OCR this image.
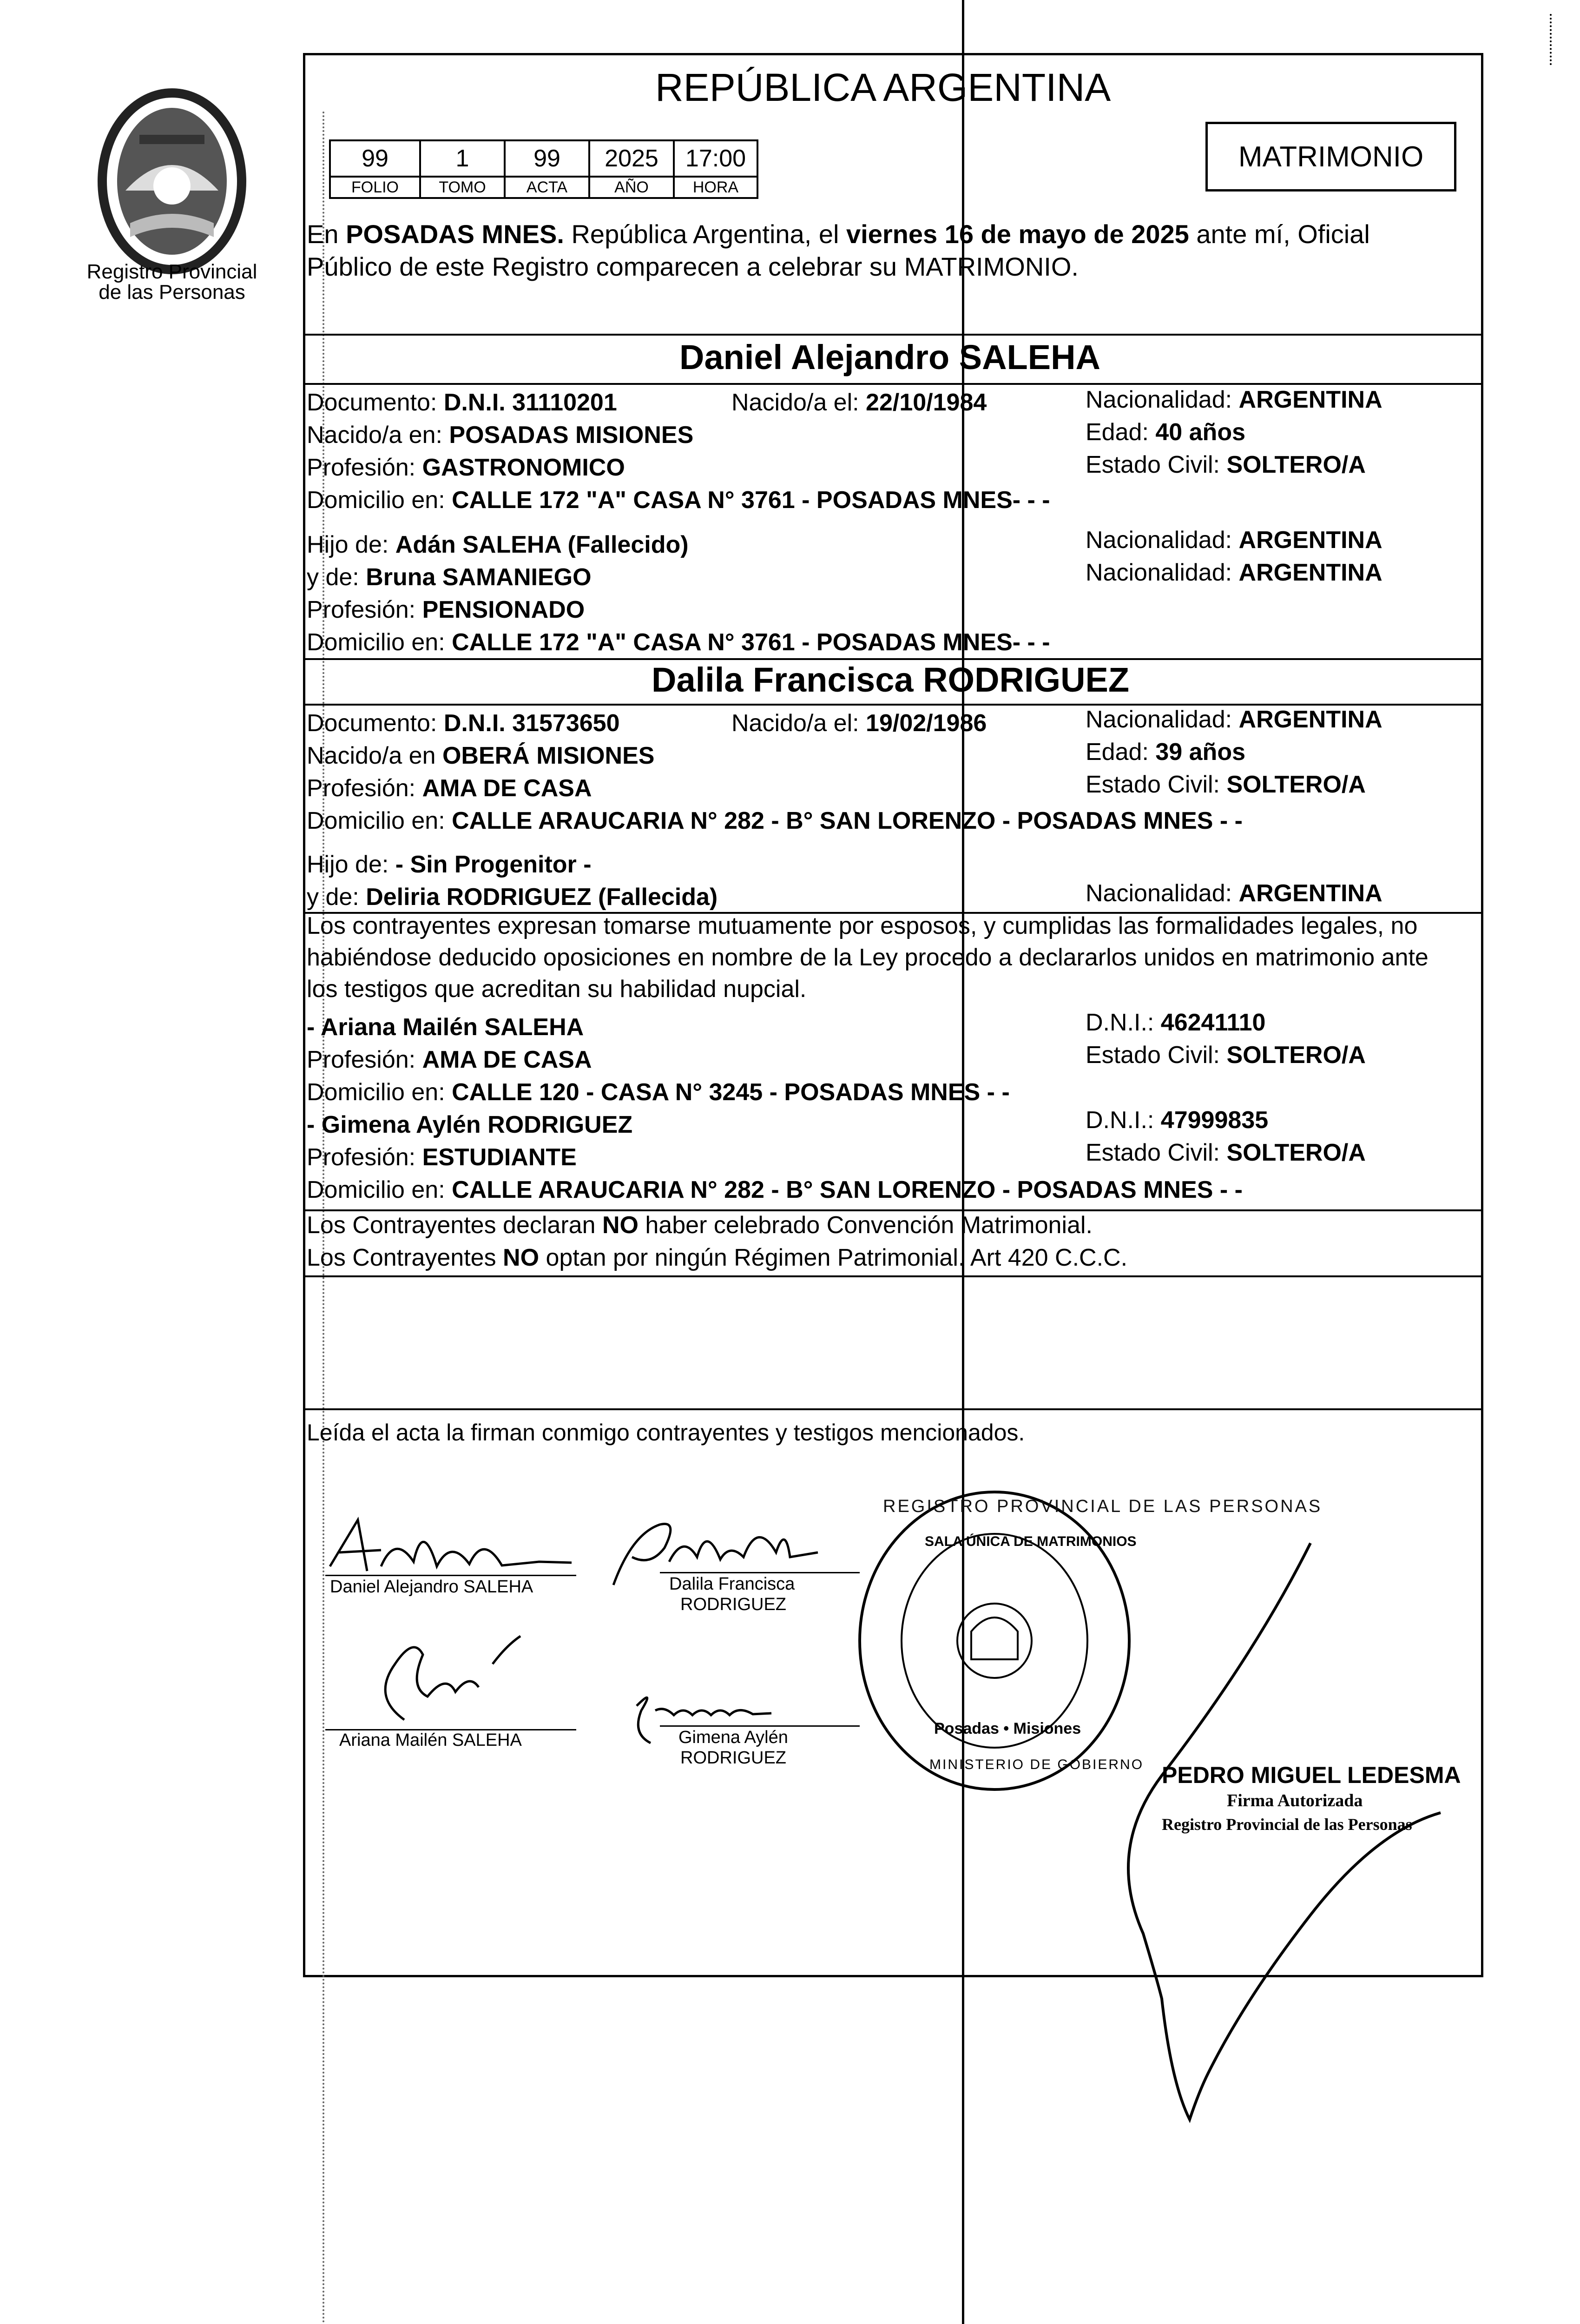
Registro Provincial
de las Personas
REPÚBLICA ARGENTINA
99	1	99	2025	17:00
FOLIO	TOMO	ACTA	AÑO	HORA
MATRIMONIO
En POSADAS MNES. República Argentina, el viernes 16 de mayo de 2025 ante mí, Oficial
Público de este Registro comparecen a celebrar su MATRIMONIO.
Daniel Alejandro SALEHA
Documento: D.N.I. 31110201	Nacido/a el: 22/10/1984	Nacionalidad: ARGENTINA
Nacido/a en: POSADAS MISIONES	Edad: 40 años
Profesión: GASTRONOMICO	Estado Civil: SOLTERO/A
Domicilio en: CALLE 172 "A" CASA N° 3761 - POSADAS MNES- - -
Hijo de: Adán SALEHA (Fallecido)	Nacionalidad: ARGENTINA
y de: Bruna SAMANIEGO	Nacionalidad: ARGENTINA
Profesión: PENSIONADO
Domicilio en: CALLE 172 "A" CASA N° 3761 - POSADAS MNES- - -
Dalila Francisca RODRIGUEZ
Documento: D.N.I. 31573650	Nacido/a el: 19/02/1986	Nacionalidad: ARGENTINA
Nacido/a en OBERÁ MISIONES	Edad: 39 años
Profesión: AMA DE CASA	Estado Civil: SOLTERO/A
Domicilio en: CALLE ARAUCARIA N° 282 - B° SAN LORENZO - POSADAS MNES - -
Hijo de: - Sin Progenitor -
y de: Deliria RODRIGUEZ (Fallecida)	Nacionalidad: ARGENTINA
Los contrayentes expresan tomarse mutuamente por esposos, y cumplidas las formalidades legales, no
habiéndose deducido oposiciones en nombre de la Ley procedo a declararlos unidos en matrimonio ante
los testigos que acreditan su habilidad nupcial.
- Ariana Mailén SALEHA	D.N.I.: 46241110
Profesión: AMA DE CASA	Estado Civil: SOLTERO/A
Domicilio en: CALLE 120 - CASA N° 3245 - POSADAS MNES - -
- Gimena Aylén RODRIGUEZ	D.N.I.: 47999835
Profesión: ESTUDIANTE	Estado Civil: SOLTERO/A
Domicilio en: CALLE ARAUCARIA N° 282 - B° SAN LORENZO - POSADAS MNES - -
Los Contrayentes declaran NO haber celebrado Convención Matrimonial.
Los Contrayentes NO optan por ningún Régimen Patrimonial. Art 420 C.C.C.
Leída el acta la firman conmigo contrayentes y testigos mencionados.
Daniel Alejandro SALEHA	Dalila Francisca
RODRIGUEZ
Ariana Mailén SALEHA	Gimena Aylén
RODRIGUEZ
REGISTRO PROVINCIAL DE LAS PERSONAS
SALA ÚNICA DE MATRIMONIOS
Posadas • Misiones
MINISTERIO DE GOBIERNO PEDRO MIGUEL LEDESMA
Firma Autorizada
Registro Provincial de las Personas
